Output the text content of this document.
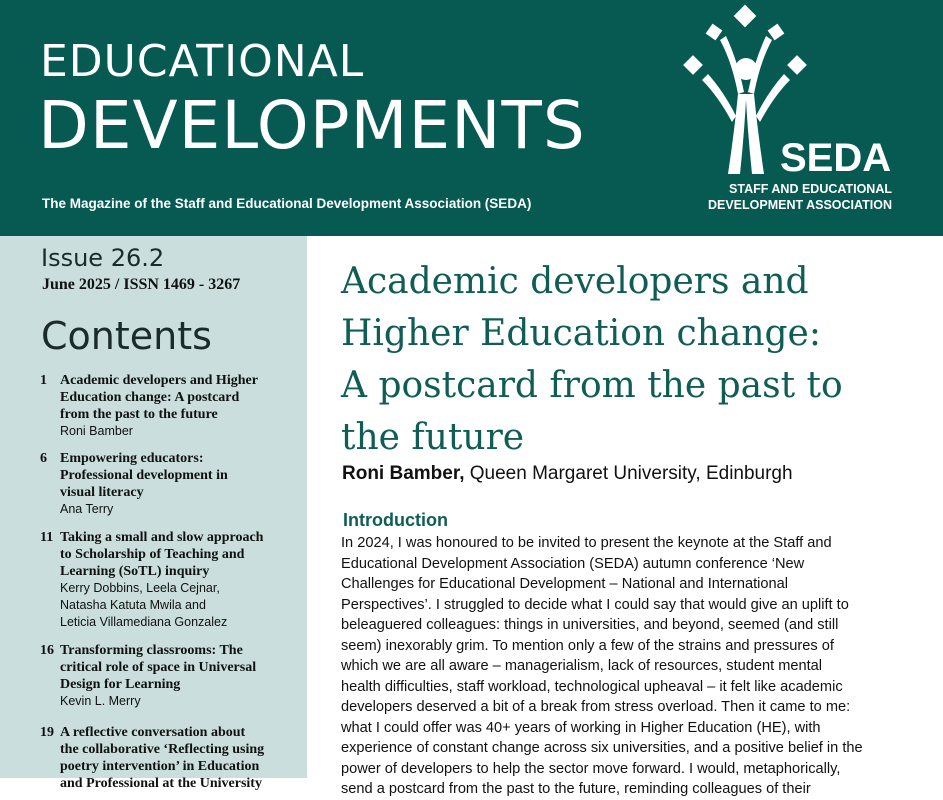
EDUCATIONAL
DEVELOPMENTS
The Magazine of the Staff and Educational Development Association (SEDA)
SEDA
STAFF AND EDUCATIONAL
DEVELOPMENT ASSOCIATION
Issue 26.2
June 2025 / ISSN 1469 - 3267
Contents
1 Academic developers and Higher
Education change: A postcard
from the past to the future
Roni Bamber
6 Empowering educators:
Professional development in
visual literacy
Ana Terry
11 Taking a small and slow approach
to Scholarship of Teaching and
Learning (SoTL) inquiry
Kerry Dobbins, Leela Cejnar,
Natasha Katuta Mwila and
Leticia Villamediana Gonzalez
16 Transforming classrooms: The
critical role of space in Universal
Design for Learning
Kevin L. Merry
19 A reflective conversation about
the collaborative ‘Reflecting using
poetry intervention’ in Education
and Professional at the University
Academic developers and
Higher Education change:
A postcard from the past to
the future
Roni Bamber, Queen Margaret University, Edinburgh
Introduction
In 2024, I was honoured to be invited to present the keynote at the Staff and
Educational Development Association (SEDA) autumn conference ‘New
Challenges for Educational Development – National and International
Perspectives’. I struggled to decide what I could say that would give an uplift to
beleaguered colleagues: things in universities, and beyond, seemed (and still
seem) inexorably grim. To mention only a few of the strains and pressures of
which we are all aware – managerialism, lack of resources, student mental
health difficulties, staff workload, technological upheaval – it felt like academic
developers deserved a bit of a break from stress overload. Then it came to me:
what I could offer was 40+ years of working in Higher Education (HE), with
experience of constant change across six universities, and a positive belief in the
power of developers to help the sector move forward. I would, metaphorically,
send a postcard from the past to the future, reminding colleagues of their
